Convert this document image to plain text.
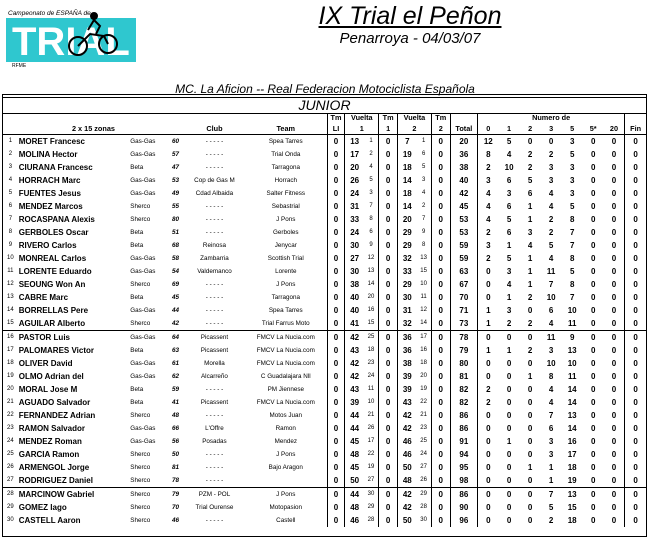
Campeonato de ESPAÑA de
TRIAL
RFME
IX Trial el Peñon
Penarroya - 04/03/07
MC. La Aficion -- Real Federacion Motociclista Española
JUNIOR
						Tm	Vuelta		Tm	Vuelta		Tm		Numero de							
2 x 15 zonas				Club	Team	LI	1		1	2		2	Total	0	1	2	3	5	5*	20	Fin
1	MORET Francesc	Gas-Gas	60	- - - - -	Spea Tarres	0	13	1	0	7	1	0	20	12	5	0	0	3	0	0	0
2	MOLINA Hector	Gas-Gas	57	- - - - -	Trial Onda	0	17	2	0	19	6	0	36	8	4	2	2	5	0	0	0
3	CIURANA Francesc	Beta	47	- - - - -	Tarragona	0	20	4	0	18	5	0	38	2	10	2	3	3	0	0	0
4	HORRACH Marc	Gas-Gas	53	Cop de Gas M	Horrach	0	26	5	0	14	3	0	40	3	6	5	3	3	0	0	0
5	FUENTES Jesus	Gas-Gas	49	Cdad Albaida	Salter Fitness	0	24	3	0	18	4	0	42	4	3	6	4	3	0	0	0
6	MENDEZ Marcos	Sherco	55	- - - - -	Sebastrial	0	31	7	0	14	2	0	45	4	6	1	4	5	0	0	0
7	ROCASPANA Alexis	Sherco	80	- - - - -	J Pons	0	33	8	0	20	7	0	53	4	5	1	2	8	0	0	0
8	GERBOLES Oscar	Beta	51	- - - - -	Gerboles	0	24	6	0	29	9	0	53	2	6	3	2	7	0	0	0
9	RIVERO Carlos	Beta	68	Reinosa	Jenycar	0	30	9	0	29	8	0	59	3	1	4	5	7	0	0	0
10	MONREAL Carlos	Gas-Gas	58	Zambarria	Scottish Trial	0	27	12	0	32	13	0	59	2	5	1	4	8	0	0	0
11	LORENTE Eduardo	Gas-Gas	54	Valdemanco	Lorente	0	30	13	0	33	15	0	63	0	3	1	11	5	0	0	0
12	SEOUNG Won An	Sherco	69	- - - - -	J Pons	0	38	14	0	29	10	0	67	0	4	1	7	8	0	0	0
13	CABRE Marc	Beta	45	- - - - -	Tarragona	0	40	20	0	30	11	0	70	0	1	2	10	7	0	0	0
14	BORRELLAS Pere	Gas-Gas	44	- - - - -	Spea Tarres	0	40	16	0	31	12	0	71	1	3	0	6	10	0	0	0
15	AGUILAR Alberto	Sherco	42	- - - - -	Trial Farrus Moto	0	41	15	0	32	14	0	73	1	2	2	4	11	0	0	0
16	PASTOR Luis	Gas-Gas	64	Picassent	FMCV La Nucia.com	0	42	25	0	36	17	0	78	0	0	0	11	9	0	0	0
17	PALOMARES Victor	Beta	63	Picassent	FMCV La Nucia.com	0	43	18	0	36	16	0	79	1	1	2	3	13	0	0	0
18	OLIVER David	Gas-Gas	61	Morella	FMCV La Nucia.com	0	42	23	0	38	18	0	80	0	0	0	10	10	0	0	0
19	OLMO Adrian del	Gas-Gas	62	Alcarreño	C Guadalajara Nll	0	42	24	0	39	20	0	81	0	0	1	8	11	0	0	0
20	MORAL Jose M	Beta	59	- - - - -	PM Jiennese	0	43	11	0	39	19	0	82	2	0	0	4	14	0	0	0
21	AGUADO Salvador	Beta	41	Picassent	FMCV La Nucia.com	0	39	10	0	43	22	0	82	2	0	0	4	14	0	0	0
22	FERNANDEZ Adrian	Sherco	48	- - - - -	Motos Juan	0	44	21	0	42	21	0	86	0	0	0	7	13	0	0	0
23	RAMON Salvador	Gas-Gas	66	L'Offre	Ramon	0	44	26	0	42	23	0	86	0	0	0	6	14	0	0	0
24	MENDEZ Roman	Gas-Gas	56	Posadas	Mendez	0	45	17	0	46	25	0	91	0	1	0	3	16	0	0	0
25	GARCIA Ramon	Sherco	50	- - - - -	J Pons	0	48	22	0	46	24	0	94	0	0	0	3	17	0	0	0
26	ARMENGOL Jorge	Sherco	81	- - - - -	Bajo Aragon	0	45	19	0	50	27	0	95	0	0	1	1	18	0	0	0
27	RODRIGUEZ Daniel	Sherco	78	- - - - -		0	50	27	0	48	26	0	98	0	0	0	1	19	0	0	0
28	MARCINOW Gabriel	Sherco	79	PZM - POL	J Pons	0	44	30	0	42	29	0	86	0	0	0	7	13	0	0	0
29	GOMEZ Iago	Sherco	70	Trial Ourense	Motopasion	0	48	29	0	42	28	0	90	0	0	0	5	15	0	0	0
30	CASTELL Aaron	Sherco	46	- - - - -	Castell	0	46	28	0	50	30	0	96	0	0	0	2	18	0	0	0
